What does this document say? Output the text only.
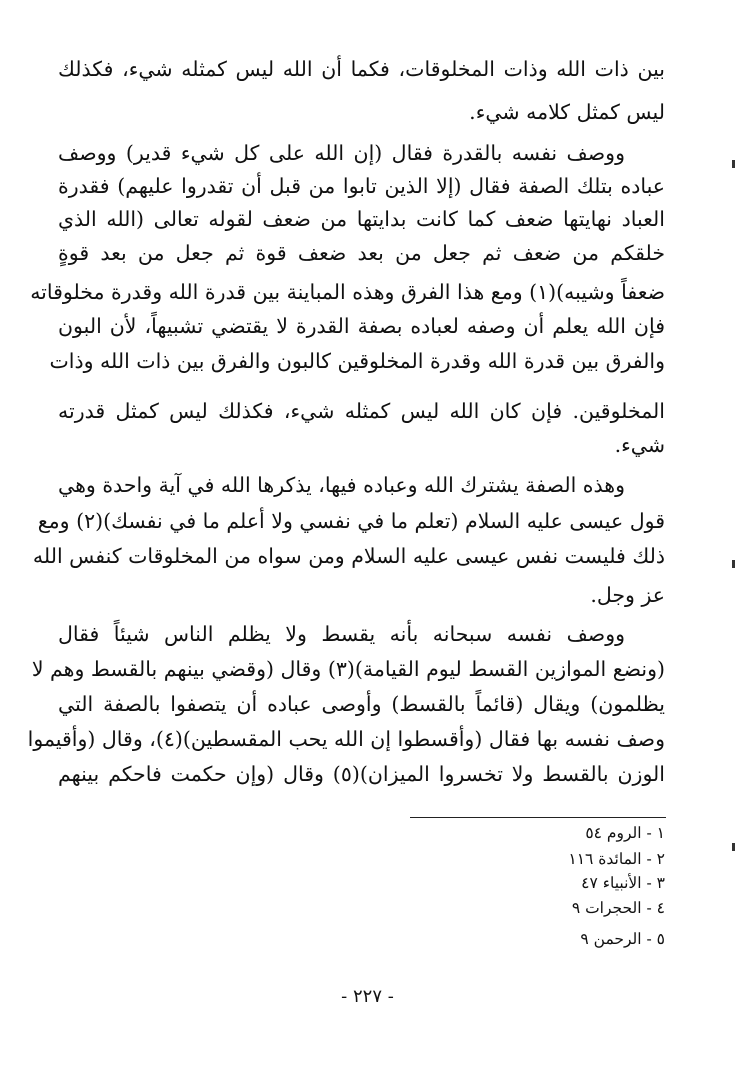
بين ذات الله وذات المخلوقات، فكما أن الله ليس كمثله شيء، فكذلك
ليس كمثل كلامه شيء.
ووصف نفسه بالقدرة فقال (إن الله على كل شيء قدير) ووصف
عباده بتلك الصفة فقال (إلا الذين تابوا من قبل أن تقدروا عليهم) فقدرة
العباد نهايتها ضعف كما كانت بدايتها من ضعف لقوله تعالى (الله الذي
خلقكم من ضعف ثم جعل من بعد ضعف قوة ثم جعل من بعد قوةٍ
ضعفاً وشيبه)(١) ومع هذا الفرق وهذه المباينة بين قدرة الله وقدرة مخلوقاته
فإن الله يعلم أن وصفه لعباده بصفة القدرة لا يقتضي تشبيهاً، لأن البون
والفرق بين قدرة الله وقدرة المخلوقين كالبون والفرق بين ذات الله وذات
المخلوقين. فإن كان الله ليس كمثله شيء، فكذلك ليس كمثل قدرته
شيء.
وهذه الصفة يشترك الله وعباده فيها، يذكرها الله في آية واحدة وهي
قول عيسى عليه السلام (تعلم ما في نفسي ولا أعلم ما في نفسك)(٢) ومع
ذلك فليست نفس عيسى عليه السلام ومن سواه من المخلوقات كنفس الله
عز وجل.
ووصف نفسه سبحانه بأنه يقسط ولا يظلم الناس شيئاً فقال
(ونضع الموازين القسط ليوم القيامة)(٣) وقال (وقضي بينهم بالقسط وهم لا
يظلمون) ويقال (قائماً بالقسط) وأوصى عباده أن يتصفوا بالصفة التي
وصف نفسه بها فقال (وأقسطوا إن الله يحب المقسطين)(٤)، وقال (وأقيموا
الوزن بالقسط ولا تخسروا الميزان)(٥) وقال (وإن حكمت فاحكم بينهم
١ - الروم ٥٤
٢ - المائدة ١١٦
٣ - الأنبياء ٤٧
٤ - الحجرات ٩
٥ - الرحمن ٩
- ٢٢٧ -
